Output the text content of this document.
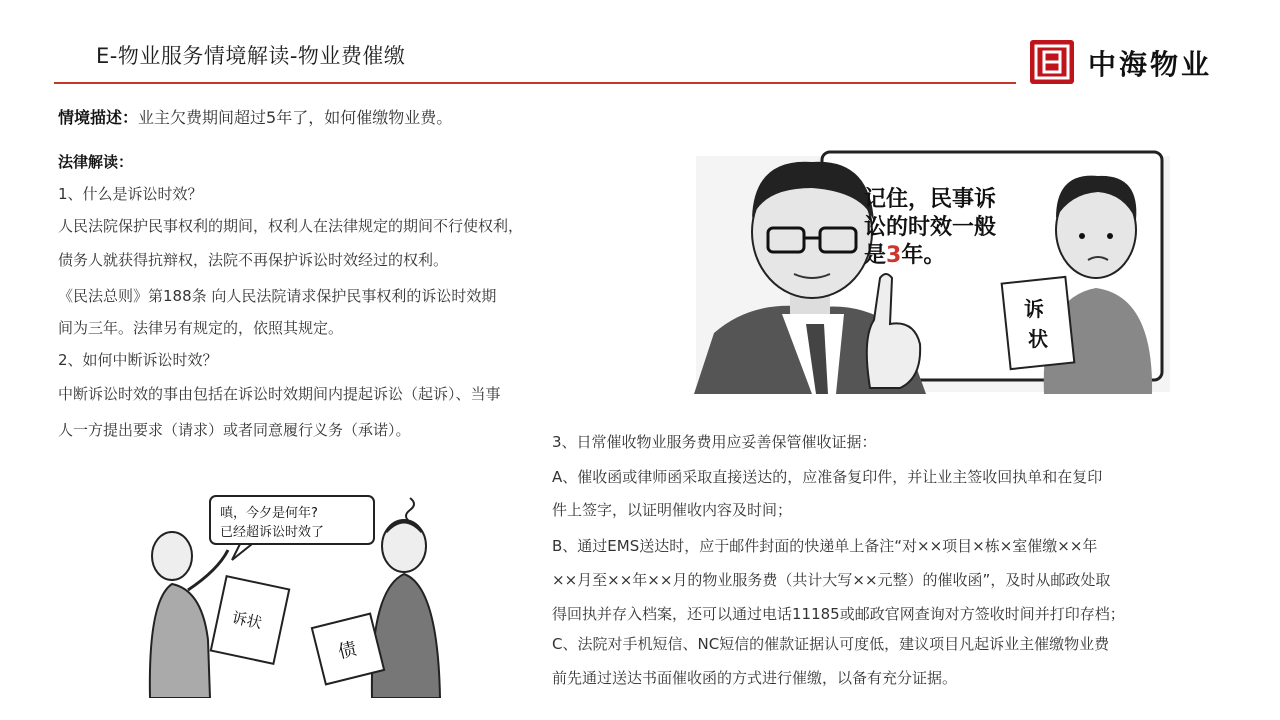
E-物业服务情境解读-物业费催缴	中海物业
情境描述：业主欠费期间超过5年了，如何催缴物业费。
法律解读：
1、什么是诉讼时效？
人民法院保护民事权利的期间，权利人在法律规定的期间不行使权利，
债务人就获得抗辩权，法院不再保护诉讼时效经过的权利。
《民法总则》第188条 向人民法院请求保护民事权利的诉讼时效期
间为三年。法律另有规定的，依照其规定。
2、如何中断诉讼时效？
中断诉讼时效的事由包括在诉讼时效期间内提起诉讼（起诉）、当事
人一方提出要求（请求）或者同意履行义务（承诺）。
3、日常催收物业服务费用应妥善保管催收证据：
A、催收函或律师函采取直接送达的，应准备复印件，并让业主签收回执单和在复印
件上签字，以证明催收内容及时间；
B、通过EMS送达时，应于邮件封面的快递单上备注“对××项目×栋×室催缴××年
××月至××年××月的物业服务费（共计大写××元整）的催收函”，及时从邮政处取
得回执并存入档案，还可以通过电话11185或邮政官网查询对方签收时间并打印存档；
C、法院对手机短信、NC短信的催款证据认可度低，建议项目凡起诉业主催缴物业费
前先通过送达书面催收函的方式进行催缴，以备有充分证据。
诉
状
记住，民事诉
讼的时效一般
是3年。
嗔，今夕是何年?
已经超诉讼时效了
诉状
债
